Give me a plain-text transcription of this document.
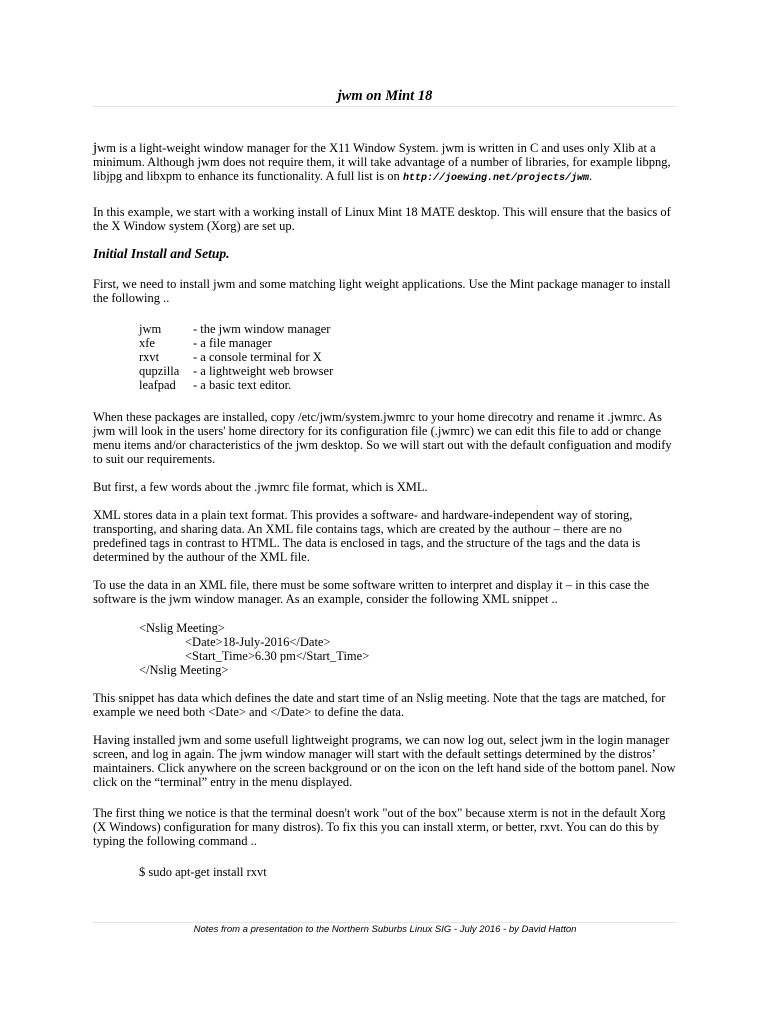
jwm on Mint 18

jwm is a light-weight window manager for the X11 Window System. jwm is written in C and uses only Xlib at a minimum. Although jwm does not require them, it will take advantage of a number of libraries, for example libpng, libjpg and libxpm to enhance its functionality. A full list is on http://joewing.net/projects/jwm.

In this example, we start with a working install of Linux Mint 18 MATE desktop. This will ensure that the basics of the X Window system (Xorg) are set up.

Initial Install and Setup.

First, we need to install jwm and some matching light weight applications. Use the Mint package manager to install the following ..

jwm	- the jwm window manager
xfe	- a file manager
rxvt	- a console terminal for X
qupzilla	- a lightweight web browser
leafpad	- a basic text editor.

When these packages are installed, copy /etc/jwm/system.jwmrc to your home direcotry and rename it .jwmrc. As jwm will look in the users' home directory for its configuration file (.jwmrc) we can edit this file to add or change menu items and/or characteristics of the jwm desktop. So we will start out with the default configuation and modify to suit our requirements.

But first, a few words about the .jwmrc file format, which is XML.

XML stores data in a plain text format. This provides a software- and hardware-independent way of storing, transporting, and sharing data. An XML file contains tags, which are created by the authour – there are no predefined tags in contrast to HTML. The data is enclosed in tags, and the structure of the tags and the data is determined by the authour of the XML file.

To use the data in an XML file, there must be some software written to interpret and display it – in this case the software is the jwm window manager. As an example, consider the following XML snippet ..

<Nslig Meeting>
<Date>18-July-2016</Date>
<Start_Time>6.30 pm</Start_Time>
</Nslig Meeting>

This snippet has data which defines the date and start time of an Nslig meeting. Note that the tags are matched, for example we need both <Date> and </Date> to define the data.

Having installed jwm and some usefull lightweight programs, we can now log out, select jwm in the login manager screen, and log in again. The jwm window manager will start with the default settings determined by the distros’ maintainers. Click anywhere on the screen background or on the icon on the left hand side of the bottom panel. Now click on the “terminal” entry in the menu displayed.

The first thing we notice is that the terminal doesn't work "out of the box" because xterm is not in the default Xorg (X Windows) configuration for many distros). To fix this you can install xterm, or better, rxvt. You can do this by typing the following command ..

$ sudo apt-get install rxvt
Notes from a presentation to the Northern Suburbs Linux SIG - July 2016 - by David Hatton
